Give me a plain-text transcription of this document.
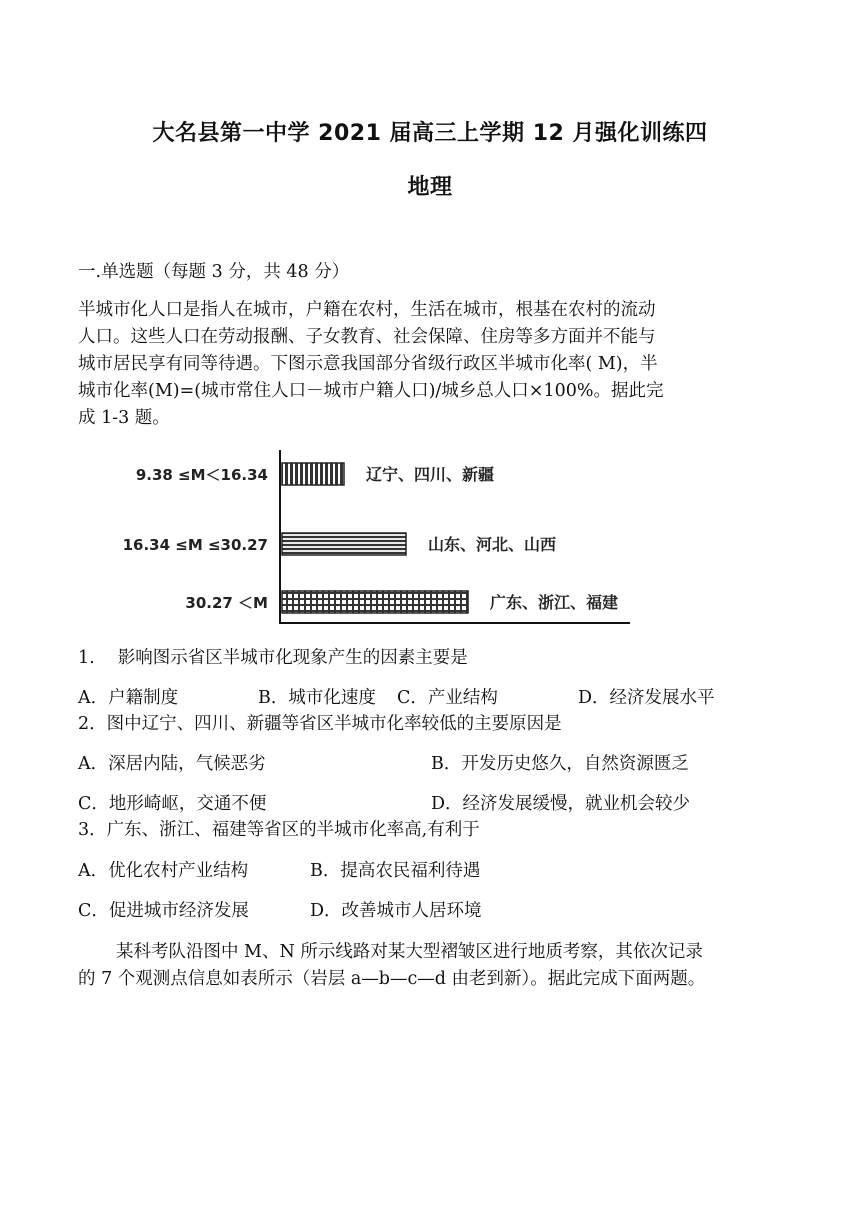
大名县第一中学 2021 届高三上学期 12 月强化训练四
地理
一.单选题（每题 3 分，共 48 分）
半城市化人口是指人在城市，户籍在农村，生活在城市，根基在农村的流动
人口。这些人口在劳动报酬、子女教育、社会保障、住房等多方面并不能与
城市居民享有同等待遇。下图示意我国部分省级行政区半城市化率( M)，半
城市化率(M)=(城市常住人口－城市户籍人口)/城乡总人口×100%。据此完
成 1-3 题。
9.38 ≤M＜16.34	辽宁、四川、新疆
16.34 ≤M ≤30.27	山东、河北、山西
30.27 ＜M	广东、浙江、福建
1.　 影响图示省区半城市化现象产生的因素主要是
A．户籍制度	B．城市化速度 C．产业结构	D．经济发展水平
2．图中辽宁、四川、新疆等省区半城市化率较低的主要原因是
A．深居内陆，气候恶劣	B．开发历史悠久，自然资源匮乏
C．地形崎岖，交通不便	D．经济发展缓慢，就业机会较少
3．广东、浙江、福建等省区的半城市化率高,有利于
A．优化农村产业结构	B．提高农民福利待遇
C．促进城市经济发展	D．改善城市人居环境
某科考队沿图中 M、N 所示线路对某大型褶皱区进行地质考察，其依次记录
的 7 个观测点信息如表所示（岩层 a—b—c—d 由老到新）。据此完成下面两题。
